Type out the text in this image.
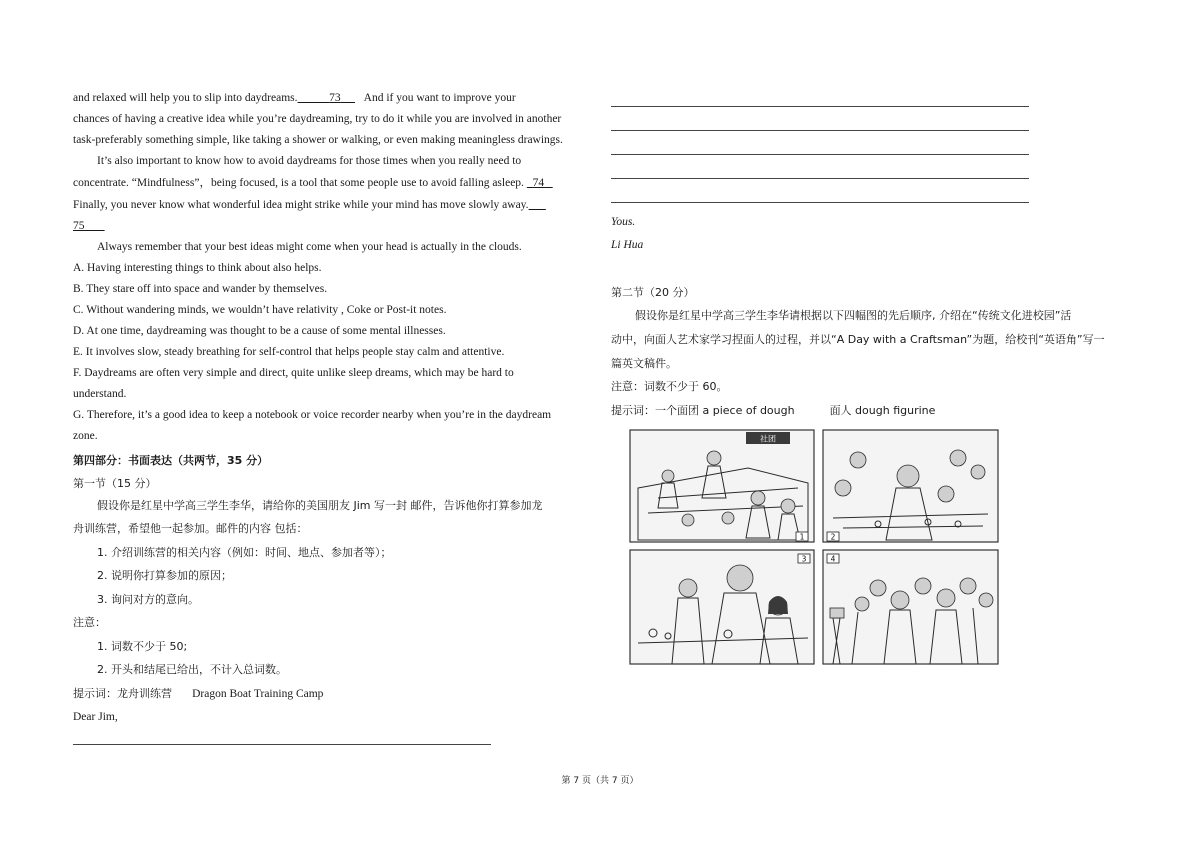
and relaxed will help you to slip into daydreams.	73 And if you want to improve your
chances of having a creative idea while you’re daydreaming, try to do it while you are involved in another
task-preferably something simple, like taking a shower or walking, or even making meaningless drawings.
It’s also important to know how to avoid daydreams for those times when you really need to
concentrate. “Mindfulness”，being focused, is a tool that some people use to avoid falling asleep. 74
Finally, you never know what wonderful idea might strike while your mind has move slowly away.
75
Always remember that your best ideas might come when your head is actually in the clouds.
A. Having interesting things to think about also helps.
B. They stare off into space and wander by themselves.
C. Without wandering minds, we wouldn’t have relativity , Coke or Post-it notes.
D. At one time, daydreaming was thought to be a cause of some mental illnesses.
E. It involves slow, steady breathing for self-control that helps people stay calm and attentive.
F. Daydreams are often very simple and direct, quite unlike sleep dreams, which may be hard to
understand.
G. Therefore, it’s a good idea to keep a notebook or voice recorder nearby when you’re in the daydream
zone.
第四部分：书面表达（共两节，35 分）
第一节（15 分）
假设你是红星中学高三学生李华，请给你的美国朋友 Jim 写一封 邮件，告诉他你打算参加龙
舟训练营，希望他一起参加。邮件的内容 包括：
1. 介绍训练营的相关内容（例如：时间、地点、参加者等）；
2. 说明你打算参加的原因；
3. 询问对方的意向。
注意：
1. 词数不少于 50;
2. 开头和结尾已给出，不计入总词数。
提示词：龙舟训练营 Dragon Boat Training Camp
Dear Jim,
Yous.
Li Hua
第二节（20 分）
假设你是红星中学高三学生李华请根据以下四幅图的先后顺序, 介绍在“传统文化进校园”活
动中，向面人艺术家学习捏面人的过程，并以“A Day with a Craftsman”为题，给校刊“英语角”写一
篇英文稿件。
注意：词数不少于 60。
提示词：一个面团 a piece of dough	面人 dough figurine
社团
1	2
3	4
第 7 页（共 7 页）
